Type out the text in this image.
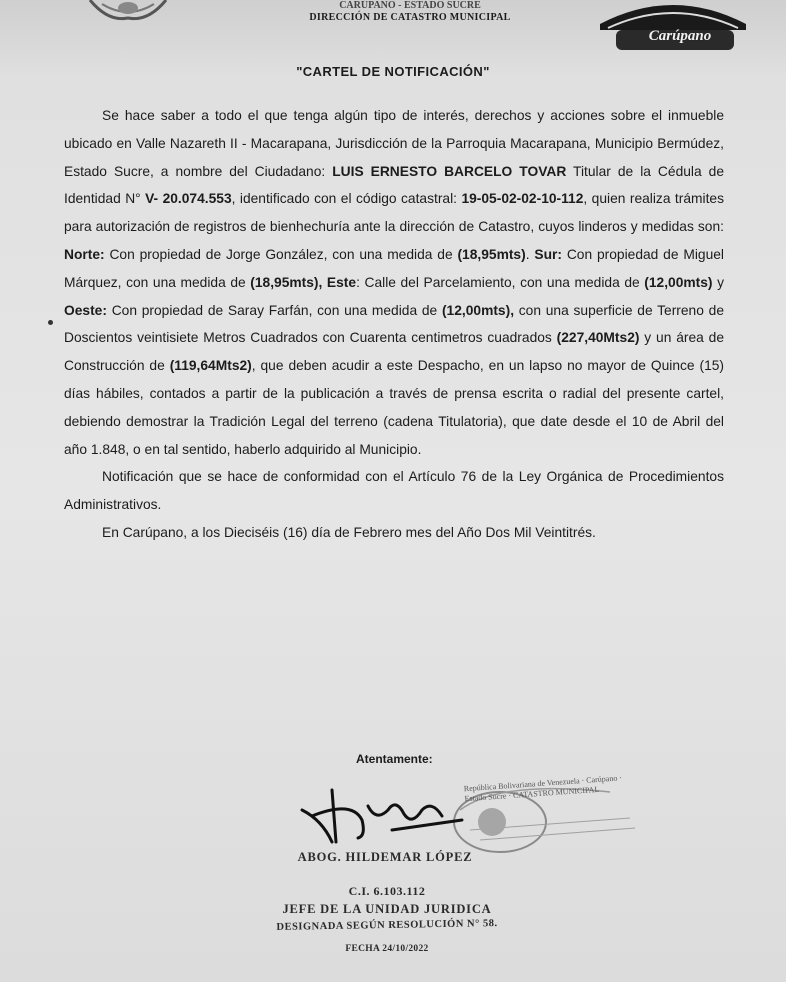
CARÚPANO - ESTADO SUCRE
DIRECCIÓN DE CATASTRO MUNICIPAL
Carúpano
"CARTEL DE NOTIFICACIÓN"

Se hace saber a todo el que tenga algún tipo de interés, derechos y acciones sobre el inmueble ubicado en Valle Nazareth II - Macarapana, Jurisdicción de la Parroquia Macarapana, Municipio Bermúdez, Estado Sucre, a nombre del Ciudadano: LUIS ERNESTO BARCELO TOVAR Titular de la Cédula de Identidad N° V- 20.074.553, identificado con el código catastral: 19-05-02-02-10-112, quien realiza trámites para autorización de registros de bienhechuría ante la dirección de Catastro, cuyos linderos y medidas son: Norte: Con propiedad de Jorge González, con una medida de (18,95mts). Sur: Con propiedad de Miguel Márquez, con una medida de (18,95mts), Este: Calle del Parcelamiento, con una medida de (12,00mts) y Oeste: Con propiedad de Saray Farfán, con una medida de (12,00mts), con una superficie de Terreno de Doscientos veintisiete Metros Cuadrados con Cuarenta centimetros cuadrados (227,40Mts2) y un área de Construcción de (119,64Mts2), que deben acudir a este Despacho, en un lapso no mayor de Quince (15) días hábiles, contados a partir de la publicación a través de prensa escrita o radial del presente cartel, debiendo demostrar la Tradición Legal del terreno (cadena Titulatoria), que date desde el 10 de Abril del año 1.848, o en tal sentido, haberlo adquirido al Municipio.

Notificación que se hace de conformidad con el Artículo 76 de la Ley Orgánica de Procedimientos Administrativos.

En Carúpano, a los Dieciséis (16) día de Febrero mes del Año Dos Mil Veintitrés.

Atentamente:
República Bolivariana de Venezuela · Carúpano · Estado Sucre · CATASTRO MUNICIPAL
ABOG. HILDEMAR LÓPEZ
C.I. 6.103.112
JEFE DE LA UNIDAD JURIDICA
DESIGNADA SEGÚN RESOLUCIÓN N° 58.
FECHA 24/10/2022
